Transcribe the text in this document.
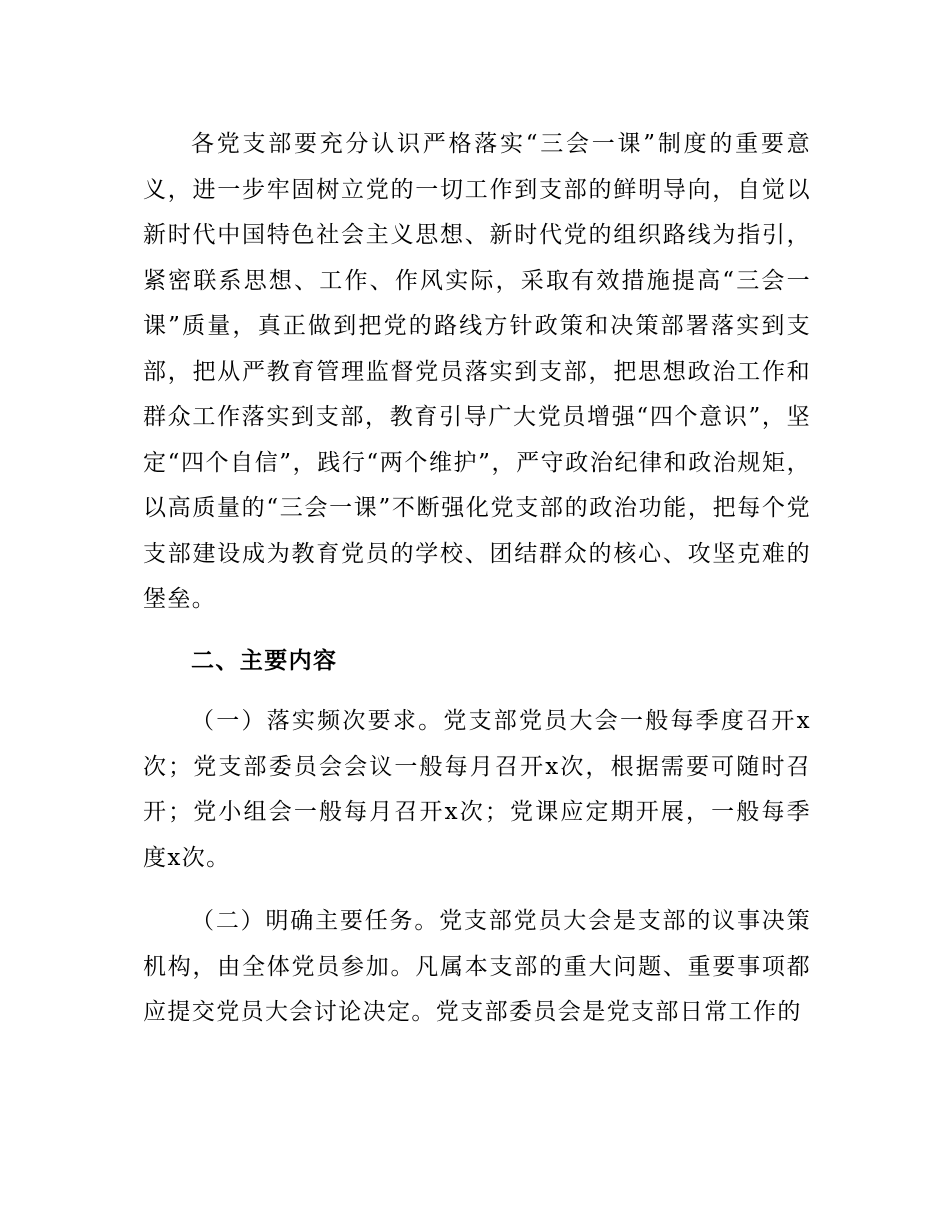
各党支部要充分认识严格落实“三会一课”制度的重要意义，进一步牢固树立党的一切工作到支部的鲜明导向，自觉以新时代中国特色社会主义思想、新时代党的组织路线为指引，紧密联系思想、工作、作风实际，采取有效措施提高“三会一课”质量，真正做到把党的路线方针政策和决策部署落实到支部，把从严教育管理监督党员落实到支部，把思想政治工作和群众工作落实到支部，教育引导广大党员增强“四个意识”，坚定“四个自信”，践行“两个维护”，严守政治纪律和政治规矩，以高质量的“三会一课”不断强化党支部的政治功能，把每个党支部建设成为教育党员的学校、团结群众的核心、攻坚克难的堡垒。

二、主要内容

（一）落实频次要求。党支部党员大会一般每季度召开x次；党支部委员会会议一般每月召开x次，根据需要可随时召开；党小组会一般每月召开x次；党课应定期开展，一般每季度x次。

（二）明确主要任务。党支部党员大会是支部的议事决策机构，由全体党员参加。凡属本支部的重大问题、重要事项都应提交党员大会讨论决定。党支部委员会是党支部日常工作的
